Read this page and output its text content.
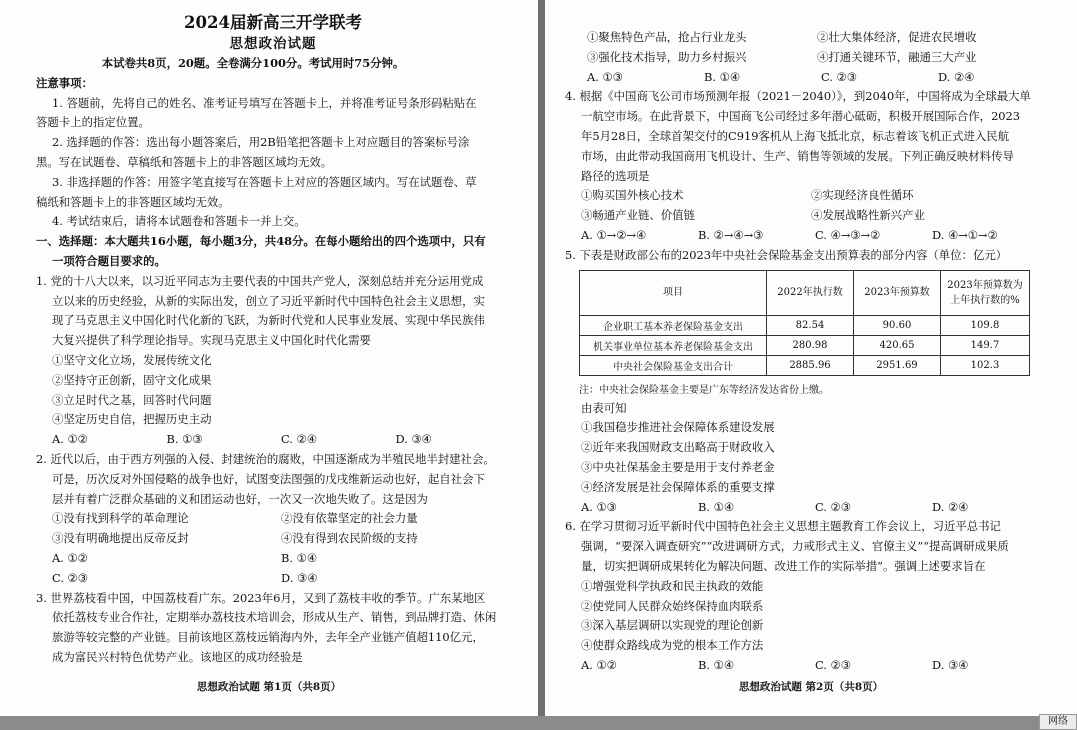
2024届新高三开学联考
思想政治试题
本试卷共8页，20题。全卷满分100分。考试用时75分钟。
注意事项：
1. 答题前，先将自己的姓名、准考证号填写在答题卡上，并将准考证号条形码粘贴在
答题卡上的指定位置。
2. 选择题的作答：选出每小题答案后，用2B铅笔把答题卡上对应题目的答案标号涂
黑。写在试题卷、草稿纸和答题卡上的非答题区域均无效。
3. 非选择题的作答：用签字笔直接写在答题卡上对应的答题区域内。写在试题卷、草
稿纸和答题卡上的非答题区域均无效。
4. 考试结束后，请将本试题卷和答题卡一并上交。
一、选择题：本大题共16小题，每小题3分，共48分。在每小题给出的四个选项中，只有
一项符合题目要求的。
1. 党的十八大以来，以习近平同志为主要代表的中国共产党人，深刻总结并充分运用党成
立以来的历史经验，从新的实际出发，创立了习近平新时代中国特色社会主义思想，实
现了马克思主义中国化时代化新的飞跃，为新时代党和人民事业发展、实现中华民族伟
大复兴提供了科学理论指导。实现马克思主义中国化时代化需要
①坚守文化立场，发展传统文化
②坚持守正创新，固守文化成果
③立足时代之基，回答时代问题
④坚定历史自信，把握历史主动
A. ①②	B. ①③	C. ②④	D. ③④
2. 近代以后，由于西方列强的入侵、封建统治的腐败，中国逐渐成为半殖民地半封建社会。
可是，历次反对外国侵略的战争也好，试图变法图强的戊戌维新运动也好，起自社会下
层并有着广泛群众基础的义和团运动也好，一次又一次地失败了。这是因为
①没有找到科学的革命理论	②没有依靠坚定的社会力量
③没有明确地提出反帝反封	④没有得到农民阶级的支持
A. ①②	B. ①④
C. ②③	D. ③④
3. 世界荔枝看中国，中国荔枝看广东。2023年6月，又到了荔枝丰收的季节。广东某地区
依托荔枝专业合作社，定期举办荔枝技术培训会，形成从生产、销售，到品牌打造、休闲
旅游等较完整的产业链。目前该地区荔枝远销海内外，去年全产业链产值超110亿元，
成为富民兴村特色优势产业。该地区的成功经验是
思想政治试题 第1页（共8页）
①聚焦特色产品，抢占行业龙头	②壮大集体经济，促进农民增收
③强化技术指导，助力乡村振兴	④打通关键环节，融通三大产业
A. ①③	B. ①④	C. ②③	D. ②④
4. 根据《中国商飞公司市场预测年报（2021－2040）》，到2040年，中国将成为全球最大单
一航空市场。在此背景下，中国商飞公司经过多年潜心砥砺，积极开展国际合作，2023
年5月28日，全球首架交付的C919客机从上海飞抵北京，标志着该飞机正式进入民航
市场，由此带动我国商用飞机设计、生产、销售等领域的发展。下列正确反映材料传导
路径的选项是
①购买国外核心技术	②实现经济良性循环
③畅通产业链、价值链	④发展战略性新兴产业
A. ①→②→④	B. ②→④→③	C. ④→③→②	D. ④→①→②
5. 下表是财政部公布的2023年中央社会保险基金支出预算表的部分内容（单位：亿元）
项目	2022年执行数	2023年预算数	2023年预算数为上年执行数的%
企业职工基本养老保险基金支出	82.54	90.60	109.8
机关事业单位基本养老保险基金支出	280.98	420.65	149.7
中央社会保险基金支出合计	2885.96	2951.69	102.3
注：中央社会保险基金主要是广东等经济发达省份上缴。
由表可知
①我国稳步推进社会保障体系建设发展
②近年来我国财政支出略高于财政收入
③中央社保基金主要是用于支付养老金
④经济发展是社会保障体系的重要支撑
A. ①③	B. ①④	C. ②③	D. ②④
6. 在学习贯彻习近平新时代中国特色社会主义思想主题教育工作会议上，习近平总书记
强调，“要深入调查研究”“改进调研方式，力戒形式主义、官僚主义”“提高调研成果质
量，切实把调研成果转化为解决问题、改进工作的实际举措”。强调上述要求旨在
①增强党科学执政和民主执政的效能
②使党同人民群众始终保持血肉联系
③深入基层调研以实现党的理论创新
④使群众路线成为党的根本工作方法
A. ①②	B. ①④	C. ②③	D. ③④
思想政治试题 第2页（共8页）
网络
